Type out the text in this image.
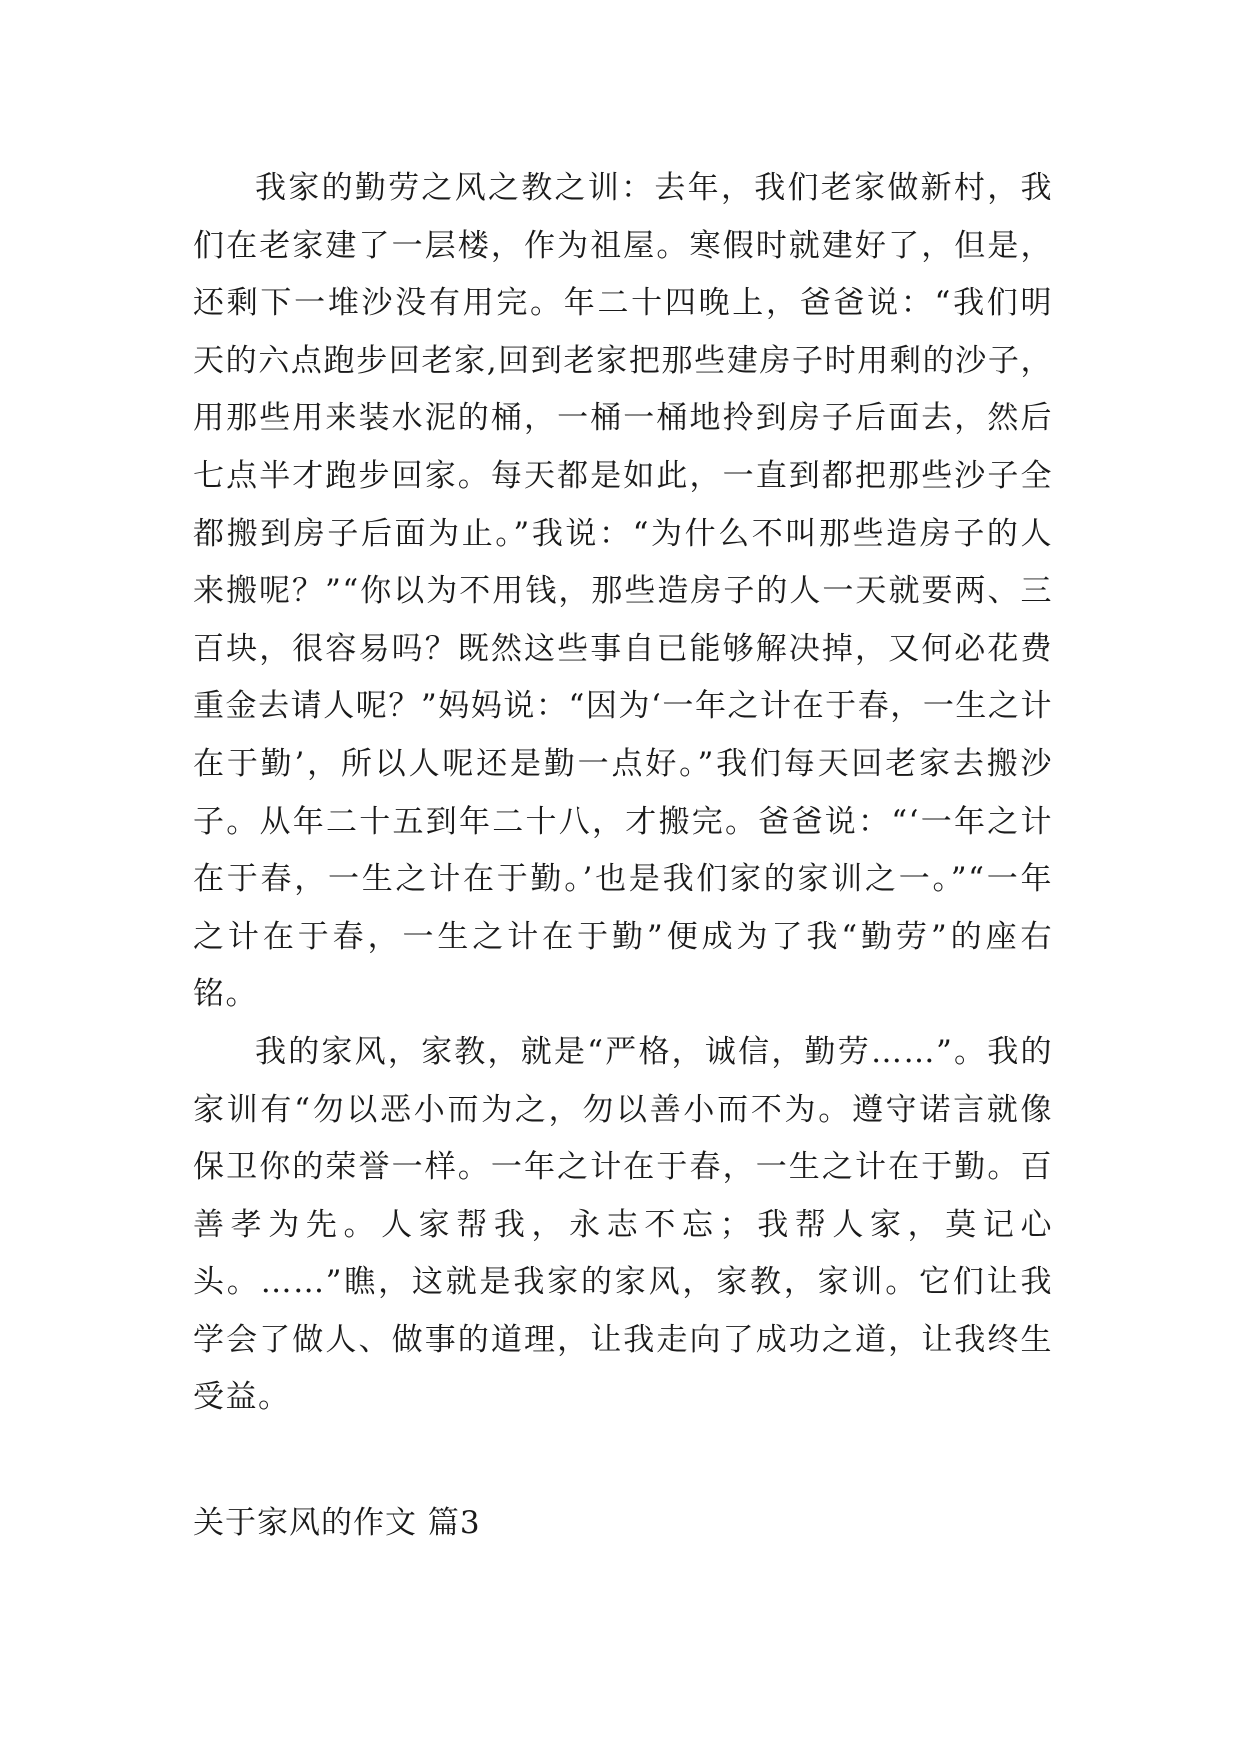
我家的勤劳之风之教之训：去年，我们老家做新村，我们在老家建了一层楼，作为祖屋。寒假时就建好了，但是，还剩下一堆沙没有用完。年二十四晚上，爸爸说：“我们明天的六点跑步回老家,回到老家把那些建房子时用剩的沙子，用那些用来装水泥的桶，一桶一桶地拎到房子后面去，然后七点半才跑步回家。每天都是如此，一直到都把那些沙子全都搬到房子后面为止。”我说：“为什么不叫那些造房子的人来搬呢？”“你以为不用钱，那些造房子的人一天就要两、三百块，很容易吗？既然这些事自已能够解决掉，又何必花费重金去请人呢？”妈妈说：“因为‘一年之计在于春，一生之计在于勤’，所以人呢还是勤一点好。”我们每天回老家去搬沙子。从年二十五到年二十八，才搬完。爸爸说：“‘一年之计在于春，一生之计在于勤。’也是我们家的家训之一。”“一年之计在于春，一生之计在于勤”便成为了我“勤劳”的座右铭。

我的家风，家教，就是“严格，诚信，勤劳……”。我的家训有“勿以恶小而为之，勿以善小而不为。遵守诺言就像保卫你的荣誉一样。一年之计在于春，一生之计在于勤。百善孝为先。人家帮我，永志不忘；我帮人家，莫记心头。……”瞧，这就是我家的家风，家教，家训。它们让我学会了做人、做事的道理，让我走向了成功之道，让我终生受益。

关于家风的作文 篇3
